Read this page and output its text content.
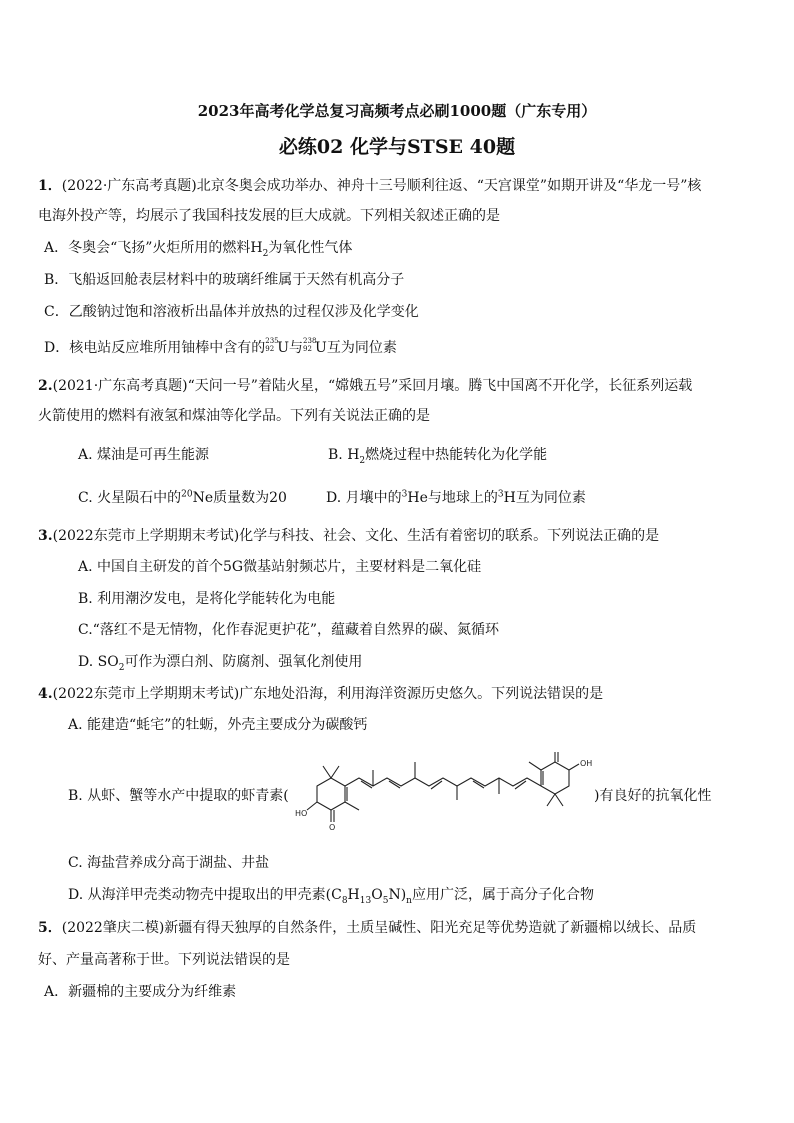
2023年高考化学总复习高频考点必刷1000题（广东专用）
必练02 化学与STSE 40题
1．(2022·广东高考真题)北京冬奥会成功举办、神舟十三号顺利往返、“天宫课堂”如期开讲及“华龙一号”核
电海外投产等，均展示了我国科技发展的巨大成就。下列相关叙述正确的是
A．冬奥会“飞扬”火炬所用的燃料$H_2$为氧化性气体
B．飞船返回舱表层材料中的玻璃纤维属于天然有机高分子
C．乙酸钠过饱和溶液析出晶体并放热的过程仅涉及化学变化
D．核电站反应堆所用铀棒中含有的 235
92 U与 238
92 U互为同位素
2.(2021·广东高考真题)“天问一号”着陆火星，“嫦娥五号”采回月壤。腾飞中国离不开化学，长征系列运载
火箭使用的燃料有液氢和煤油等化学品。下列有关说法正确的是
A. 煤油是可再生能源	B. $H_2$燃烧过程中热能转化为化学能
C. 火星陨石中的$^{20}$Ne质量数为20	D. 月壤中的$^3$He与地球上的$^3$H互为同位素
3.(2022东莞市上学期期末考试)化学与科技、社会、文化、生活有着密切的联系。下列说法正确的是
A. 中国自主研发的首个5G微基站射频芯片，主要材料是二氧化硅
B. 利用潮汐发电，是将化学能转化为电能
C.“落红不是无情物，化作春泥更护花”，蕴藏着自然界的碳、氮循环
D. $SO_2$可作为漂白剂、防腐剂、强氧化剂使用
4.(2022东莞市上学期期末考试)广东地处沿海，利用海洋资源历史悠久。下列说法错误的是
A. 能建造“蚝宅”的牡蛎，外壳主要成分为碳酸钙
B. 从虾、蟹等水产中提取的虾青素(	)有良好的抗氧化性
HO
OH
O
C. 海盐营养成分高于湖盐、井盐
D. 从海洋甲壳类动物壳中提取出的甲壳素$(C_8H_{13}O_5N)_n$应用广泛，属于高分子化合物
5．(2022肇庆二模)新疆有得天独厚的自然条件，土质呈碱性、阳光充足等优势造就了新疆棉以绒长、品质
好、产量高著称于世。下列说法错误的是
A．新疆棉的主要成分为纤维素
